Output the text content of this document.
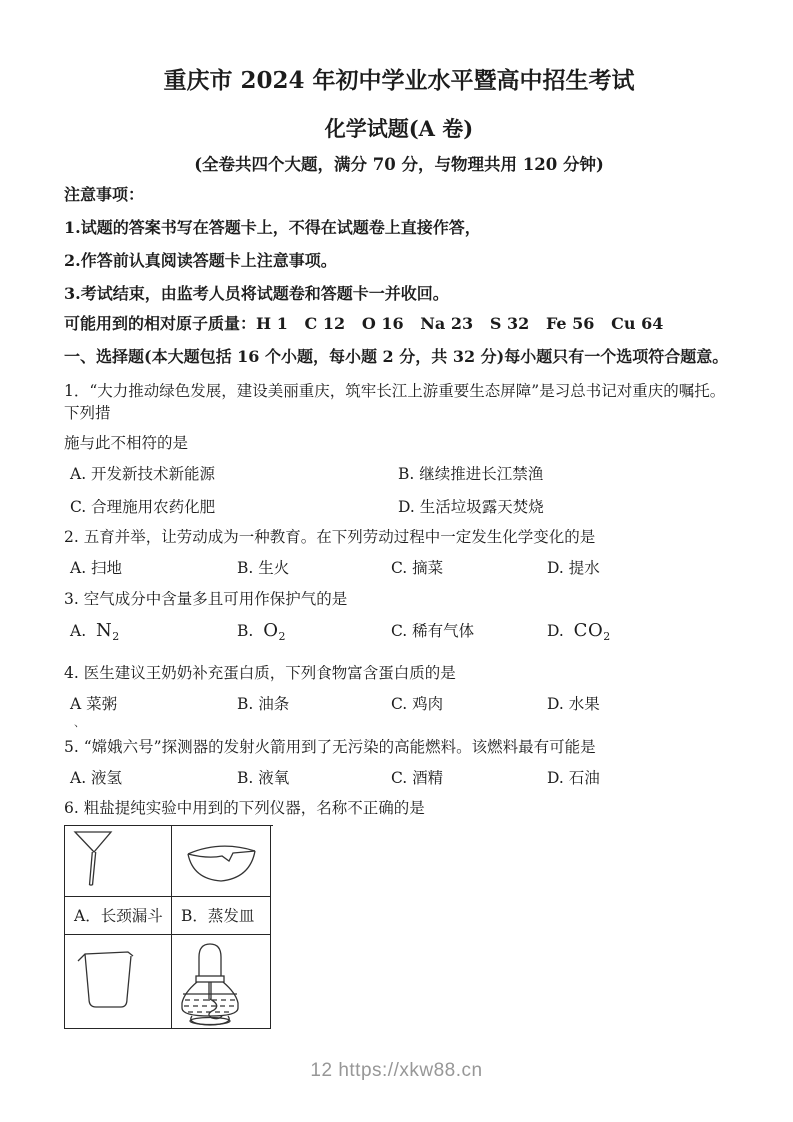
重庆市 2024 年初中学业水平暨高中招生考试
化学试题(A 卷)
(全卷共四个大题，满分 70 分，与物理共用 120 分钟)
注意事项：
1.试题的答案书写在答题卡上，不得在试题卷上直接作答，
2.作答前认真阅读答题卡上注意事项。
3.考试结束，由监考人员将试题卷和答题卡一并收回。
可能用到的相对原子质量：H 1   C 12   O 16   Na 23   S 32   Fe 56   Cu 64
一、选择题(本大题包括 16 个小题，每小题 2 分，共 32 分)每小题只有一个选项符合题意。
1．“大力推动绿色发展，建设美丽重庆，筑牢长江上游重要生态屏障”是习总书记对重庆的嘱托。下列措
施与此不相符的是
A. 开发新技术新能源	B. 继续推进长江禁渔
C. 合理施用农药化肥	D. 生活垃圾露天焚烧
2. 五育并举，让劳动成为一种教育。在下列劳动过程中一定发生化学变化的是
A. 扫地	B. 生火	C. 摘菜	D. 提水
3. 空气成分中含量多且可用作保护气的是
A. $N_2$	B. $O_2$	C. 稀有气体	D. $CO_2$
4. 医生建议王奶奶补充蛋白质，下列食物富含蛋白质的是
A 菜粥	B. 油条	C. 鸡肉	D. 水果
、
5. “嫦娥六号”探测器的发射火箭用到了无污染的高能燃料。该燃料最有可能是
A. 液氢	B. 液氧	C. 酒精	D. 石油
6. 粗盐提纯实验中用到的下列仪器，名称不正确的是
A．长颈漏斗	B．蒸发皿
12 https://xkw88.cn
